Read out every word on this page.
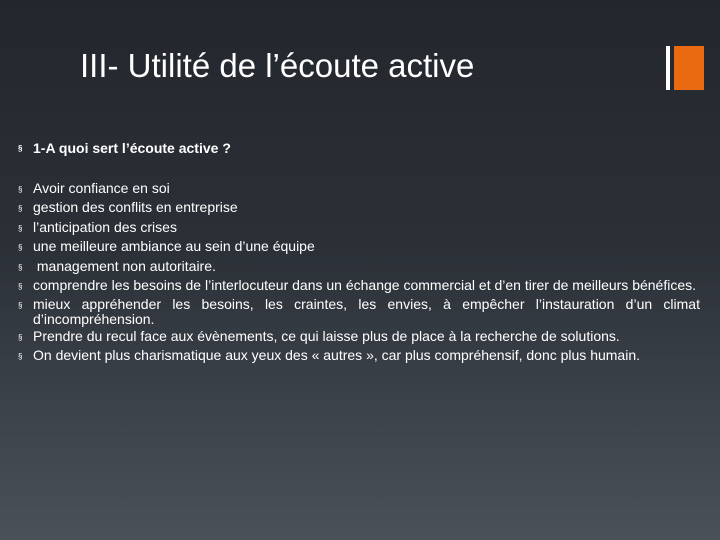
III- Utilité de l’écoute active
§ 1-A quoi sert l’écoute active ?
§ Avoir confiance en soi
§ gestion des conflits en entreprise
§ l’anticipation des crises
§ une meilleure ambiance au sein d’une équipe
§ management non autoritaire.
§ comprendre les besoins de l’interlocuteur dans un échange commercial et d’en tirer de meilleurs bénéfices.
§ mieux appréhender les besoins, les craintes, les envies, à empêcher l’instauration d’un climat d’incompréhension.
§ Prendre du recul face aux évènements, ce qui laisse plus de place à la recherche de solutions.
§ On devient plus charismatique aux yeux des « autres », car plus compréhensif, donc plus humain.
